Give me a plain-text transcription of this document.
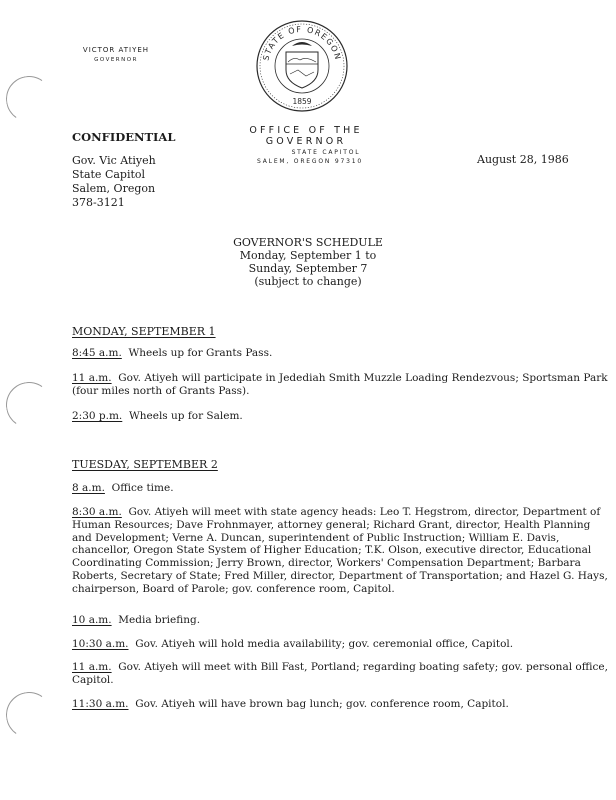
VICTOR ATIYEH
GOVERNOR	STATE OF OREGON
1859
OFFICE OF THE GOVERNOR
STATE CAPITOL
SALEM, OREGON 97310
CONFIDENTIAL
Gov. Vic Atiyeh
State Capitol
Salem, Oregon
378-3121
August 28, 1986
GOVERNOR'S SCHEDULE
Monday, September 1 to
Sunday, September 7
(subject to change)
MONDAY, SEPTEMBER 1
8:45 a.m. Wheels up for Grants Pass.
11 a.m. Gov. Atiyeh will participate in Jedediah Smith Muzzle Loading Rendezvous; Sportsman Park (four miles north of Grants Pass).
2:30 p.m. Wheels up for Salem.
TUESDAY, SEPTEMBER 2
8 a.m. Office time.
8:30 a.m. Gov. Atiyeh will meet with state agency heads: Leo T. Hegstrom, director, Department of Human Resources; Dave Frohnmayer, attorney general; Richard Grant, director, Health Planning and Development; Verne A. Duncan, superintendent of Public Instruction; William E. Davis, chancellor, Oregon State System of Higher Education; T.K. Olson, executive director, Educational Coordinating Commission; Jerry Brown, director, Workers' Compensation Department; Barbara Roberts, Secretary of State; Fred Miller, director, Department of Transportation; and Hazel G. Hays, chairperson, Board of Parole; gov. conference room, Capitol.
10 a.m. Media briefing.
10:30 a.m. Gov. Atiyeh will hold media availability; gov. ceremonial office, Capitol.
11 a.m. Gov. Atiyeh will meet with Bill Fast, Portland; regarding boating safety; gov. personal office, Capitol.
11:30 a.m. Gov. Atiyeh will have brown bag lunch; gov. conference room, Capitol.
